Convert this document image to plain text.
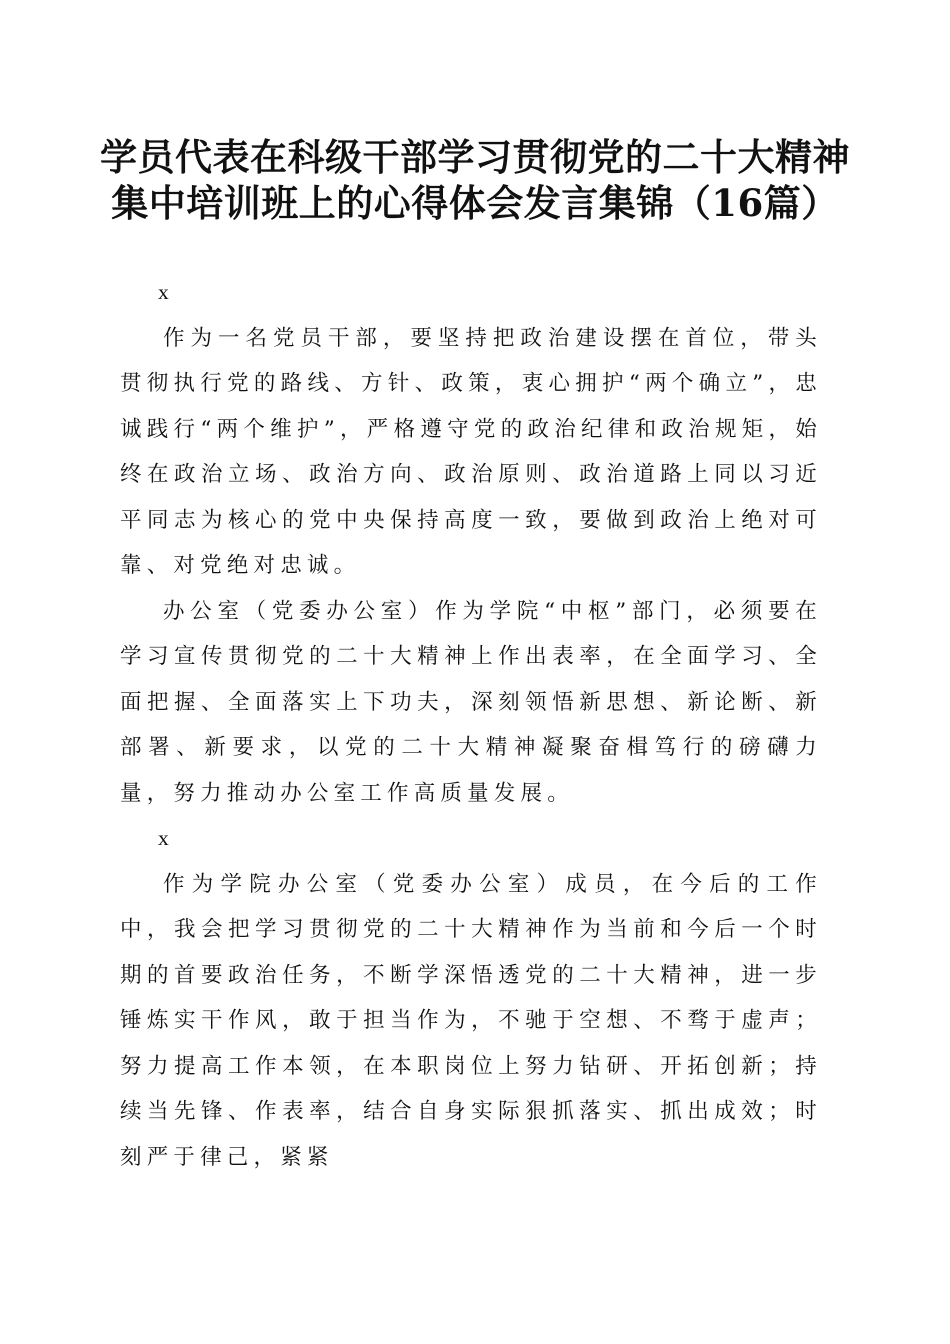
学员代表在科级干部学习贯彻党的二十大精神
集中培训班上的心得体会发言集锦（16篇）

x

作为一名党员干部，要坚持把政治建设摆在首位，带头贯彻执行党的路线、方针、政策，衷心拥护“两个确立”，忠诚践行“两个维护”，严格遵守党的政治纪律和政治规矩，始终在政治立场、政治方向、政治原则、政治道路上同以习近平同志为核心的党中央保持高度一致，要做到政治上绝对可靠、对党绝对忠诚。

办公室（党委办公室）作为学院“中枢”部门，必须要在学习宣传贯彻党的二十大精神上作出表率，在全面学习、全面把握、全面落实上下功夫，深刻领悟新思想、新论断、新部署、新要求，以党的二十大精神凝聚奋楫笃行的磅礴力量，努力推动办公室工作高质量发展。

x

作为学院办公室（党委办公室）成员，在今后的工作中，我会把学习贯彻党的二十大精神作为当前和今后一个时期的首要政治任务，不断学深悟透党的二十大精神，进一步锤炼实干作风，敢于担当作为，不驰于空想、不骛于虚声；努力提高工作本领，在本职岗位上努力钻研、开拓创新；持续当先锋、作表率，结合自身实际狠抓落实、抓出成效；时刻严于律己，紧紧
